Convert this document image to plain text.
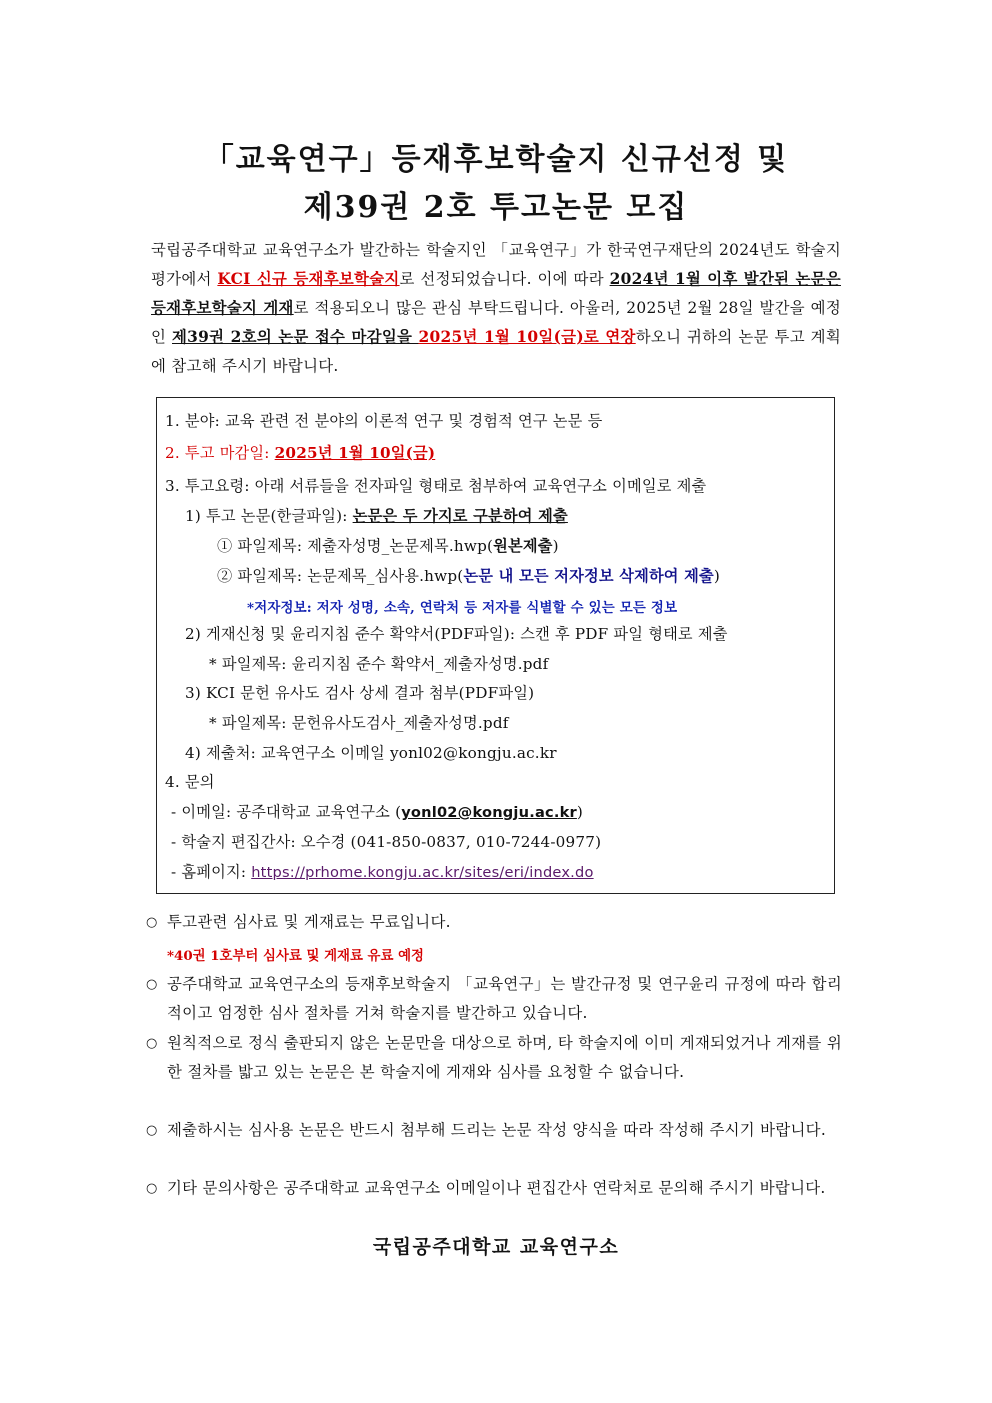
「교육연구」등재후보학술지 신규선정 및
제39권 2호 투고논문 모집
국립공주대학교 교육연구소가 발간하는 학술지인 「교육연구」가 한국연구재단의 2024년도 학술지 평가에서 KCI 신규 등재후보학술지로 선정되었습니다. 이에 따라 2024년 1월 이후 발간된 논문은 등재후보학술지 게재로 적용되오니 많은 관심 부탁드립니다. 아울러, 2025년 2월 28일 발간을 예정인 제39권 2호의 논문 접수 마감일을 2025년 1월 10일(금)로 연장하오니 귀하의 논문 투고 계획에 참고해 주시기 바랍니다.
1. 분야: 교육 관련 전 분야의 이론적 연구 및 경험적 연구 논문 등
2. 투고 마감일: 2025년 1월 10일(금)
3. 투고요령: 아래 서류들을 전자파일 형태로 첨부하여 교육연구소 이메일로 제출
1) 투고 논문(한글파일): 논문은 두 가지로 구분하여 제출
① 파일제목: 제출자성명_논문제목.hwp(원본제출)
② 파일제목: 논문제목_심사용.hwp(논문 내 모든 저자정보 삭제하여 제출)
*저자정보: 저자 성명, 소속, 연락처 등 저자를 식별할 수 있는 모든 정보
2) 게재신청 및 윤리지침 준수 확약서(PDF파일): 스캔 후 PDF 파일 형태로 제출
* 파일제목: 윤리지침 준수 확약서_제출자성명.pdf
3) KCI 문헌 유사도 검사 상세 결과 첨부(PDF파일)
* 파일제목: 문헌유사도검사_제출자성명.pdf
4) 제출처: 교육연구소 이메일 yonl02@kongju.ac.kr
4. 문의
- 이메일: 공주대학교 교육연구소 (yonl02@kongju.ac.kr)
- 학술지 편집간사: 오수경 (041-850-0837, 010-7244-0977)
- 홈페이지: https://prhome.kongju.ac.kr/sites/eri/index.do
○ 투고관련 심사료 및 게재료는 무료입니다.
*40권 1호부터 심사료 및 게재료 유료 예정
○ 공주대학교 교육연구소의 등재후보학술지 「교육연구」는 발간규정 및 연구윤리 규정에 따라 합리적이고 엄정한 심사 절차를 거쳐 학술지를 발간하고 있습니다.
○ 원칙적으로 정식 출판되지 않은 논문만을 대상으로 하며, 타 학술지에 이미 게재되었거나 게재를 위한 절차를 밟고 있는 논문은 본 학술지에 게재와 심사를 요청할 수 없습니다.
○ 제출하시는 심사용 논문은 반드시 첨부해 드리는 논문 작성 양식을 따라 작성해 주시기 바랍니다.
○ 기타 문의사항은 공주대학교 교육연구소 이메일이나 편집간사 연락처로 문의해 주시기 바랍니다.
국립공주대학교 교육연구소
